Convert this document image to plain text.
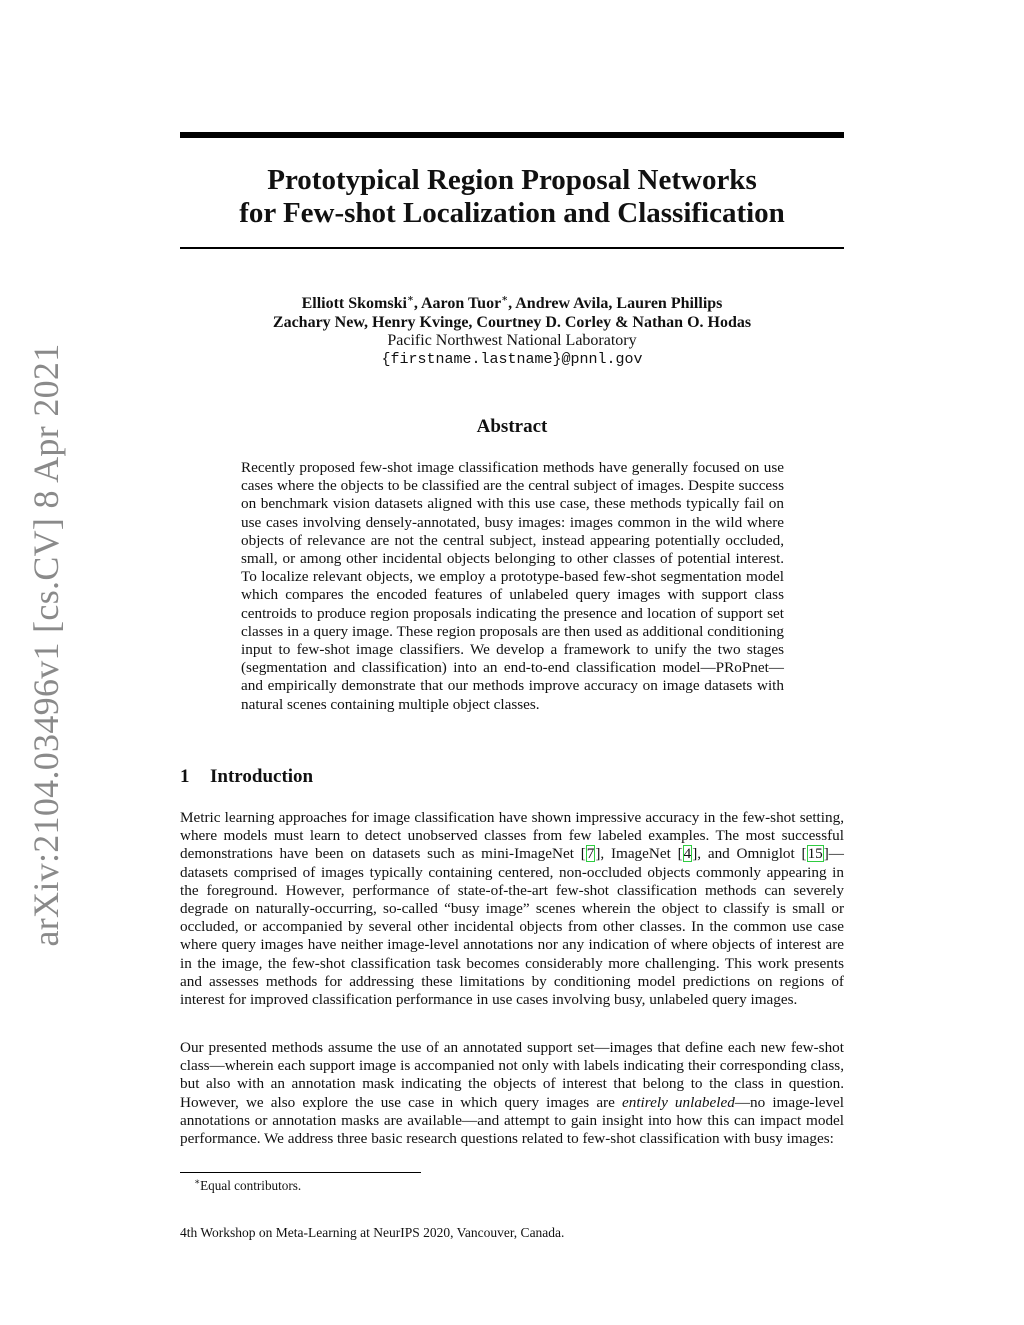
arXiv:2104.03496v1 [cs.CV] 8 Apr 2021
Prototypical Region Proposal Networks
for Few-shot Localization and Classification
Elliott Skomski∗, Aaron Tuor∗, Andrew Avila, Lauren Phillips
Zachary New, Henry Kvinge, Courtney D. Corley & Nathan O. Hodas
Pacific Northwest National Laboratory
{firstname.lastname}@pnnl.gov
Abstract

Recently proposed few-shot image classification methods have generally focused on use cases where the objects to be classified are the central subject of images. Despite success on benchmark vision datasets aligned with this use case, these methods typically fail on use cases involving densely-annotated, busy images: images common in the wild where objects of relevance are not the central subject, instead appearing potentially occluded, small, or among other incidental objects belonging to other classes of potential interest. To localize relevant objects, we employ a prototype-based few-shot segmentation model which compares the encoded features of unlabeled query images with support class centroids to produce region proposals indicating the presence and location of support set classes in a query image. These region proposals are then used as additional conditioning input to few-shot image classifiers. We develop a framework to unify the two stages (segmentation and classification) into an end-to-end classification model—PRoPnet—and empirically demonstrate that our methods improve accuracy on image datasets with natural scenes containing multiple object classes.

1 Introduction

Metric learning approaches for image classification have shown impressive accuracy in the few-shot setting, where models must learn to detect unobserved classes from few labeled examples. The most successful demonstrations have been on datasets such as mini-ImageNet [7], ImageNet [4], and Omniglot [15]—datasets comprised of images typically containing centered, non-occluded objects commonly appearing in the foreground. However, performance of state-of-the-art few-shot classification methods can severely degrade on naturally-occurring, so-called “busy image” scenes wherein the object to classify is small or occluded, or accompanied by several other incidental objects from other classes. In the common use case where query images have neither image-level annotations nor any indication of where objects of interest are in the image, the few-shot classification task becomes considerably more challenging. This work presents and assesses methods for addressing these limitations by conditioning model predictions on regions of interest for improved classification performance in use cases involving busy, unlabeled query images.

Our presented methods assume the use of an annotated support set—images that define each new few-shot class—wherein each support image is accompanied not only with labels indicating their corresponding class, but also with an annotation mask indicating the objects of interest that belong to the class in question. However, we also explore the use case in which query images are entirely unlabeled—no image-level annotations or annotation masks are available—and attempt to gain insight into how this can impact model performance. We address three basic research questions related to few-shot classification with busy images:

∗Equal contributors.

4th Workshop on Meta-Learning at NeurIPS 2020, Vancouver, Canada.
